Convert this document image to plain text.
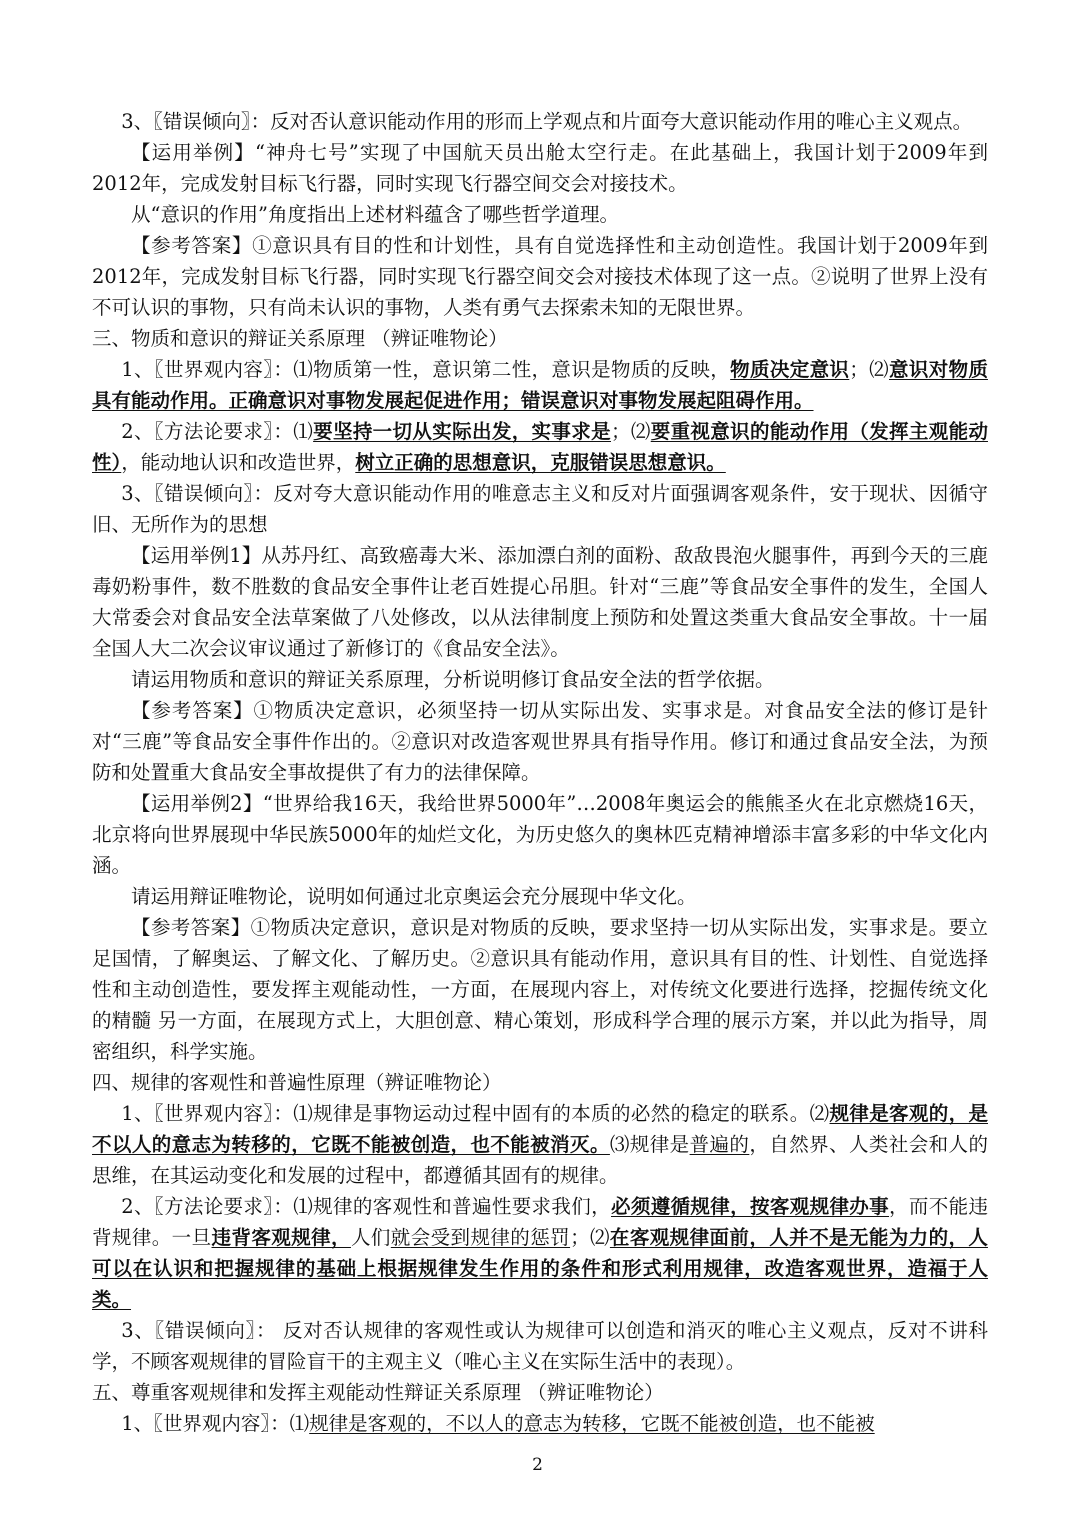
3、〖错误倾向〗：反对否认意识能动作用的形而上学观点和片面夸大意识能动作用的唯心主义观点。

【运用举例】“神舟七号”实现了中国航天员出舱太空行走。在此基础上，我国计划于2009年到2012年，完成发射目标飞行器，同时实现飞行器空间交会对接技术。

从“意识的作用”角度指出上述材料蕴含了哪些哲学道理。

【参考答案】①意识具有目的性和计划性，具有自觉选择性和主动创造性。我国计划于2009年到2012年，完成发射目标飞行器，同时实现飞行器空间交会对接技术体现了这一点。②说明了世界上没有不可认识的事物，只有尚未认识的事物，人类有勇气去探索未知的无限世界。

三、物质和意识的辩证关系原理 （辨证唯物论）

1、〖世界观内容〗：⑴物质第一性，意识第二性，意识是物质的反映，物质决定意识；⑵意识对物质具有能动作用。正确意识对事物发展起促进作用；错误意识对事物发展起阻碍作用。

2、〖方法论要求〗：⑴要坚持一切从实际出发，实事求是；⑵要重视意识的能动作用（发挥主观能动性），能动地认识和改造世界，树立正确的思想意识，克服错误思想意识。

3、〖错误倾向〗：反对夸大意识能动作用的唯意志主义和反对片面强调客观条件，安于现状、因循守旧、无所作为的思想

【运用举例1】从苏丹红、高致癌毒大米、添加漂白剂的面粉、敌敌畏泡火腿事件，再到今天的三鹿毒奶粉事件，数不胜数的食品安全事件让老百姓提心吊胆。针对“三鹿”等食品安全事件的发生，全国人大常委会对食品安全法草案做了八处修改，以从法律制度上预防和处置这类重大食品安全事故。十一届全国人大二次会议审议通过了新修订的《食品安全法》。

请运用物质和意识的辩证关系原理，分析说明修订食品安全法的哲学依据。

【参考答案】①物质决定意识，必须坚持一切从实际出发、实事求是。对食品安全法的修订是针对“三鹿”等食品安全事件作出的。②意识对改造客观世界具有指导作用。修订和通过食品安全法，为预防和处置重大食品安全事故提供了有力的法律保障。

【运用举例2】“世界给我16天，我给世界5000年”…2008年奥运会的熊熊圣火在北京燃烧16天，北京将向世界展现中华民族5000年的灿烂文化，为历史悠久的奥林匹克精神增添丰富多彩的中华文化内涵。

请运用辩证唯物论，说明如何通过北京奥运会充分展现中华文化。

【参考答案】①物质决定意识，意识是对物质的反映，要求坚持一切从实际出发，实事求是。要立足国情，了解奥运、了解文化、了解历史。②意识具有能动作用，意识具有目的性、计划性、自觉选择性和主动创造性，要发挥主观能动性，一方面，在展现内容上，对传统文化要进行选择，挖掘传统文化的精髓 另一方面，在展现方式上，大胆创意、精心策划，形成科学合理的展示方案，并以此为指导，周密组织，科学实施。

四、规律的客观性和普遍性原理（辨证唯物论）

1、〖世界观内容〗：⑴规律是事物运动过程中固有的本质的必然的稳定的联系。⑵规律是客观的，是不以人的意志为转移的，它既不能被创造，也不能被消灭。⑶规律是普遍的，自然界、人类社会和人的思维，在其运动变化和发展的过程中，都遵循其固有的规律。

2、〖方法论要求〗：⑴规律的客观性和普遍性要求我们，必须遵循规律，按客观规律办事，而不能违背规律。一旦违背客观规律，人们就会受到规律的惩罚；⑵在客观规律面前，人并不是无能为力的，人可以在认识和把握规律的基础上根据规律发生作用的条件和形式利用规律，改造客观世界，造福于人类。

3、〖错误倾向〗： 反对否认规律的客观性或认为规律可以创造和消灭的唯心主义观点，反对不讲科学，不顾客观规律的冒险盲干的主观主义（唯心主义在实际生活中的表现）。

五、尊重客观规律和发挥主观能动性辩证关系原理 （辨证唯物论）

1、〖世界观内容〗：⑴规律是客观的，不以人的意志为转移，它既不能被创造，也不能被

2
